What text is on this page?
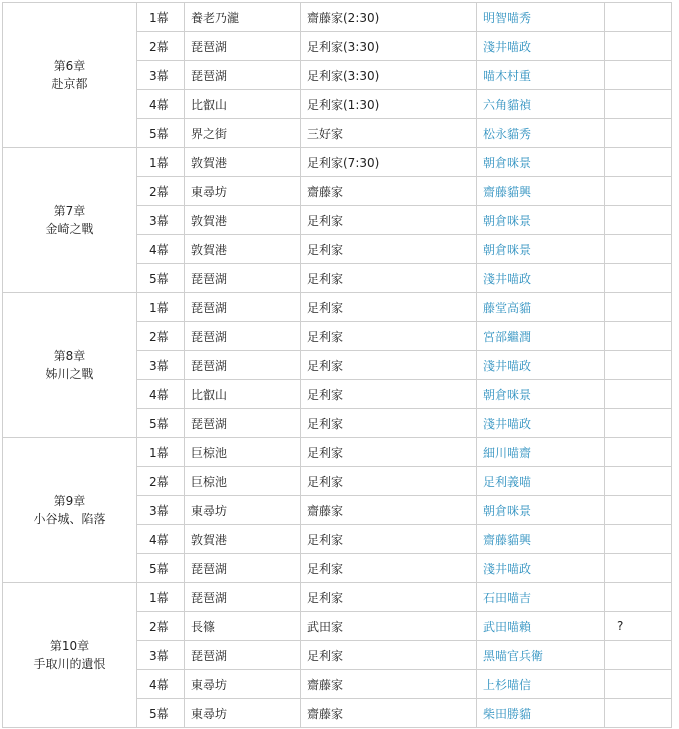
第6章
赴京都	1幕	養老乃瀧	齋藤家(2:30)	明智喵秀	
	2幕	琵琶湖	足利家(3:30)	淺井喵政	
	3幕	琵琶湖	足利家(3:30)	喵木村重	
	4幕	比叡山	足利家(1:30)	六角貓禎	
	5幕	界之街	三好家	松永貓秀	

第7章
金崎之戰	1幕	敦賀港	足利家(7:30)	朝倉咪景	
	2幕	東尋坊	齋藤家	齋藤貓興	
	3幕	敦賀港	足利家	朝倉咪景	
	4幕	敦賀港	足利家	朝倉咪景	
	5幕	琵琶湖	足利家	淺井喵政	

第8章
姊川之戰	1幕	琵琶湖	足利家	藤堂高貓	
	2幕	琵琶湖	足利家	宮部繼潤	
	3幕	琵琶湖	足利家	淺井喵政	
	4幕	比叡山	足利家	朝倉咪景	
	5幕	琵琶湖	足利家	淺井喵政	

第9章
小谷城、陷落	1幕	巨椋池	足利家	細川喵齋	
	2幕	巨椋池	足利家	足利義喵	
	3幕	東尋坊	齋藤家	朝倉咪景	
	4幕	敦賀港	足利家	齋藤貓興	
	5幕	琵琶湖	足利家	淺井喵政	

第10章
手取川的遺恨	1幕	琵琶湖	足利家	石田喵吉	
	2幕	長篠	武田家	武田喵賴	?
	3幕	琵琶湖	足利家	黑喵官兵衛	
	4幕	東尋坊	齋藤家	上杉喵信	
	5幕	東尋坊	齋藤家	柴田勝貓	
